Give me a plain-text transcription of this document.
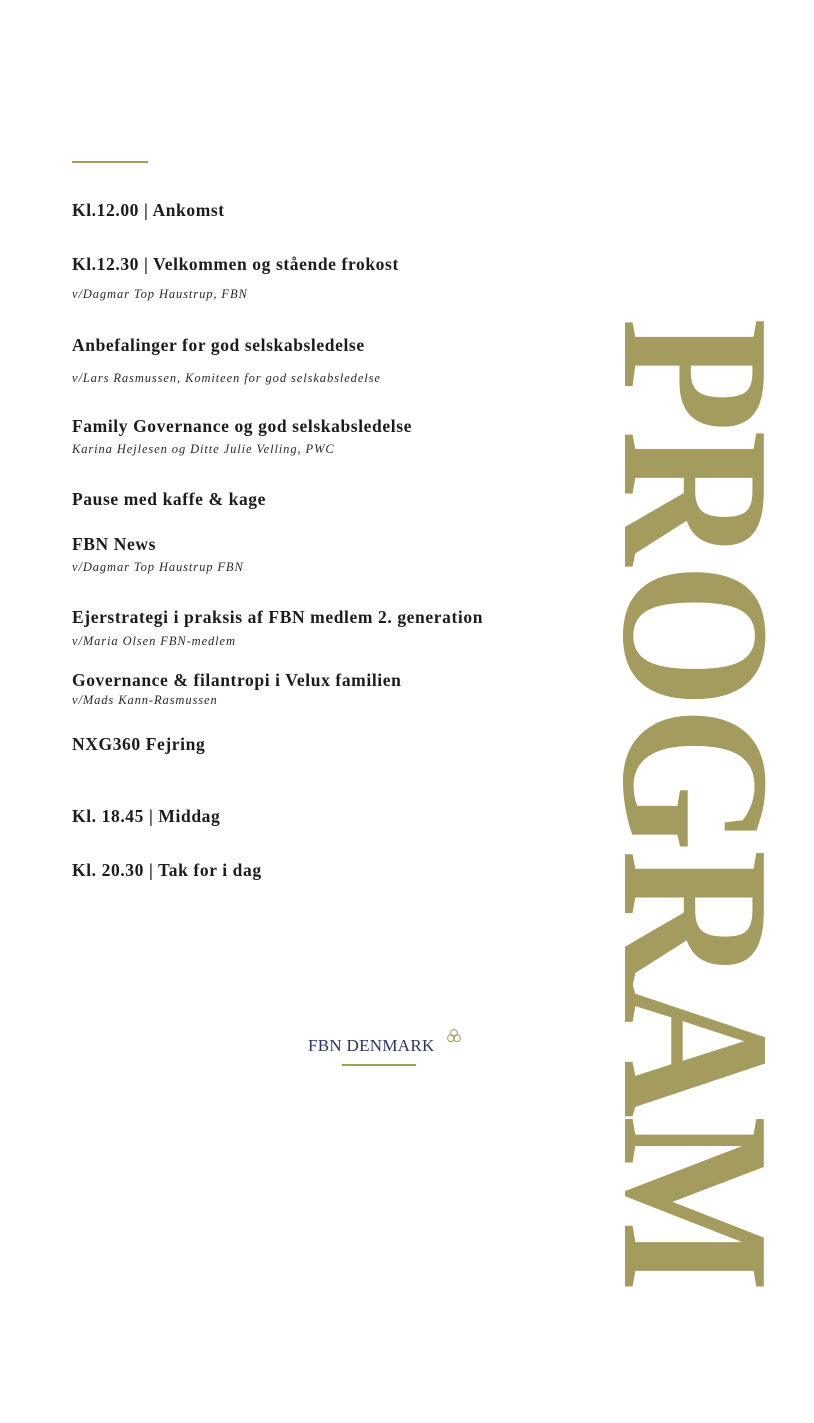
Kl.12.00 | Ankomst
Kl.12.30 | Velkommen og stående frokost
v/Dagmar Top Haustrup, FBN
Anbefalinger for god selskabsledelse
v/Lars Rasmussen, Komiteen for god selskabsledelse
Family Governance og god selskabsledelse
Karina Hejlesen og Ditte Julie Velling, PWC
Pause med kaffe & kage
FBN News
v/Dagmar Top Haustrup FBN
Ejerstrategi i praksis af FBN medlem 2. generation
v/Maria Olsen FBN-medlem
Governance & filantropi i Velux familien
v/Mads Kann-Rasmussen
NXG360 Fejring
Kl. 18.45 | Middag
Kl. 20.30 | Tak for i dag PROGRAM
FBN DENMARK
